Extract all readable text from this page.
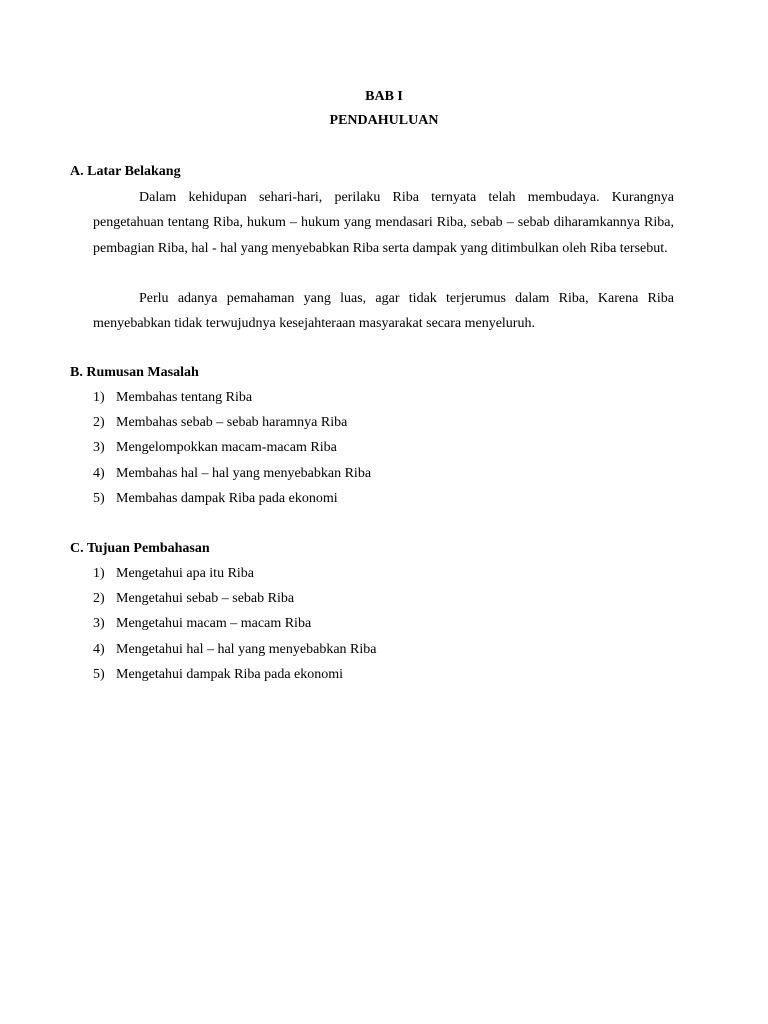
BAB I
PENDAHULUAN
A. Latar Belakang

Dalam kehidupan sehari-hari, perilaku Riba ternyata telah membudaya. Kurangnya pengetahuan tentang Riba, hukum – hukum yang mendasari Riba, sebab – sebab diharamkannya Riba, pembagian Riba, hal - hal yang menyebabkan Riba serta dampak yang ditimbulkan oleh Riba tersebut.

Perlu adanya pemahaman yang luas, agar tidak terjerumus dalam Riba, Karena Riba menyebabkan tidak terwujudnya kesejahteraan masyarakat secara menyeluruh.

B. Rumusan Masalah
1) Membahas tentang Riba
2) Membahas sebab – sebab haramnya Riba
3) Mengelompokkan macam-macam Riba
4) Membahas hal – hal yang menyebabkan Riba
5) Membahas dampak Riba pada ekonomi
C. Tujuan Pembahasan
1) Mengetahui apa itu Riba
2) Mengetahui sebab – sebab Riba
3) Mengetahui macam – macam Riba
4) Mengetahui hal – hal yang menyebabkan Riba
5) Mengetahui dampak Riba pada ekonomi
